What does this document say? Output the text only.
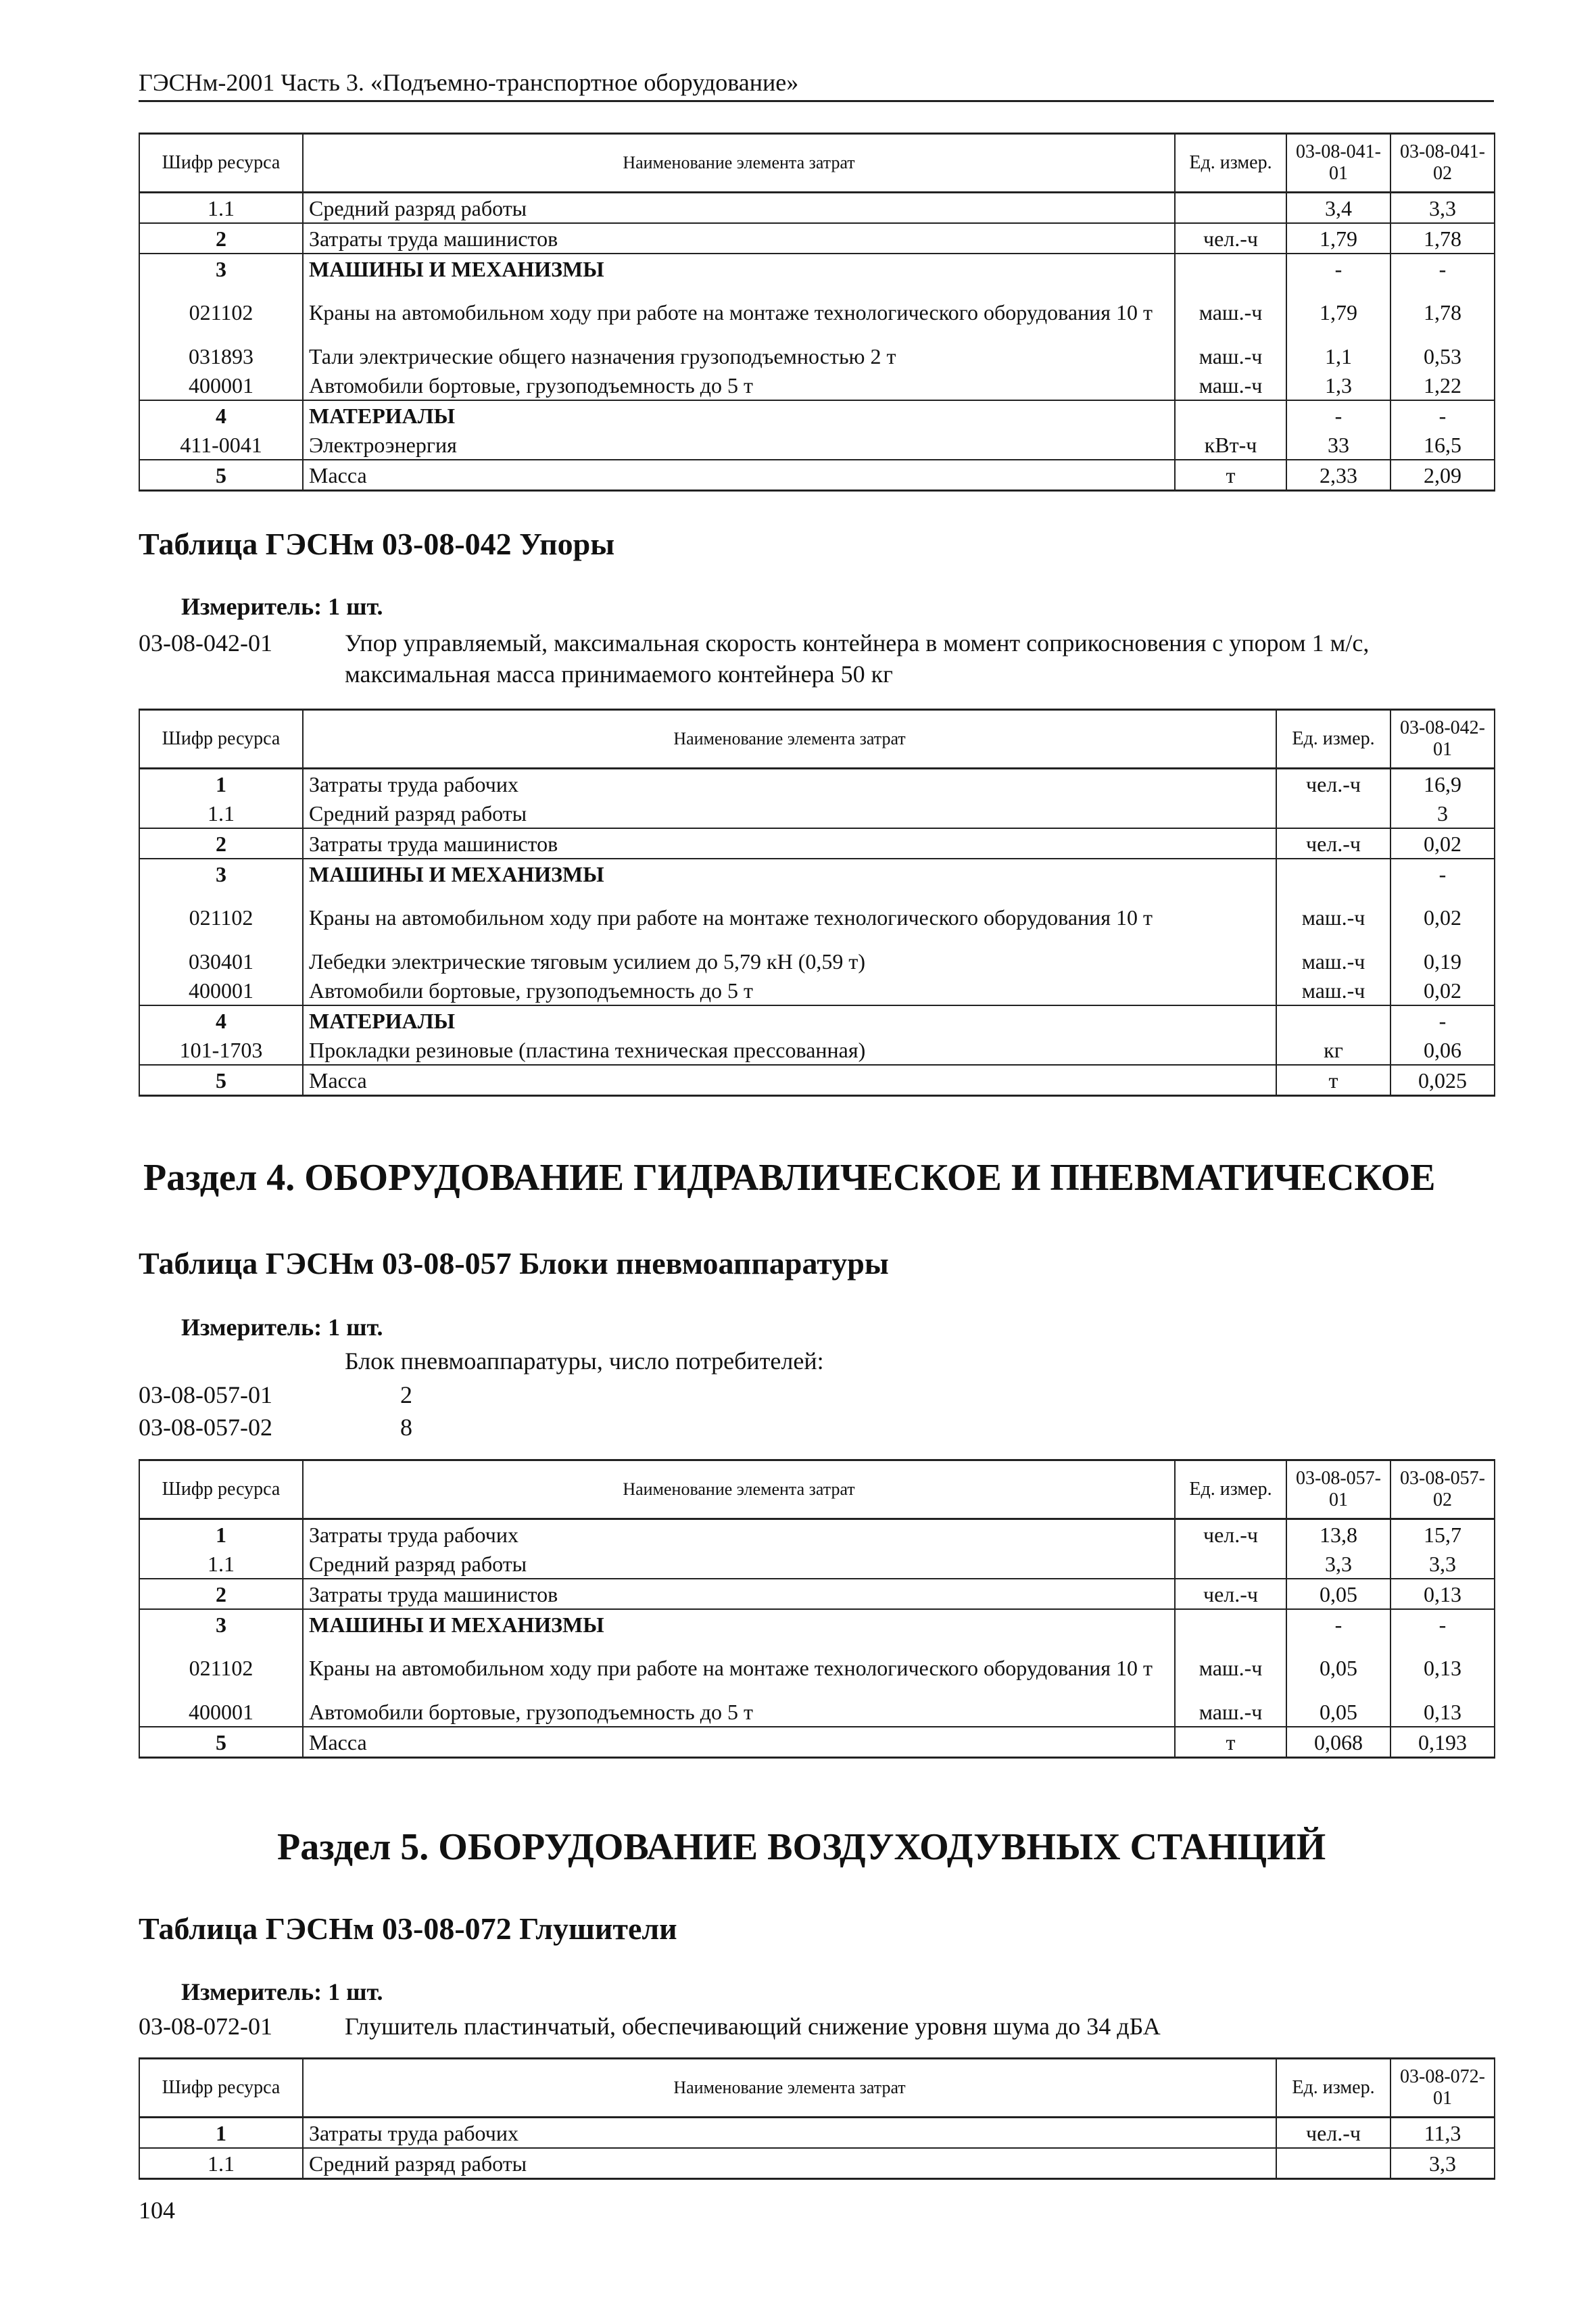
ГЭСНм-2001 Часть 3. «Подъемно-транспортное оборудование»
Шифр ресурса	Наименование элемента затрат	Ед. измер.	03-08-041-01	03-08-041-02
1.1	Средний разряд работы		3,4	3,3
2	Затраты труда машинистов	чел.-ч	1,79	1,78
3	МАШИНЫ И МЕХАНИЗМЫ		-	-
021102	Краны на автомобильном ходу при работе на монтаже технологического оборудования 10 т	маш.-ч	1,79	1,78
031893	Тали электрические общего назначения грузоподъемностью 2 т	маш.-ч	1,1	0,53
400001	Автомобили бортовые, грузоподъемность до 5 т	маш.-ч	1,3	1,22
4	МАТЕРИАЛЫ		-	-
411-0041	Электроэнергия	кВт-ч	33	16,5
5	Масса	т	2,33	2,09
Таблица ГЭСНм 03-08-042 Упоры
Измеритель: 1 шт.
03-08-042-01	Упор управляемый, максимальная скорость контейнера в момент соприкосновения с упором 1 м/с, максимальная масса принимаемого контейнера 50 кг
Шифр ресурса	Наименование элемента затрат	Ед. измер.	03-08-042-01
1	Затраты труда рабочих	чел.-ч	16,9
1.1	Средний разряд работы		3
2	Затраты труда машинистов	чел.-ч	0,02
3	МАШИНЫ И МЕХАНИЗМЫ		-
021102	Краны на автомобильном ходу при работе на монтаже технологического оборудования 10 т	маш.-ч	0,02
030401	Лебедки электрические тяговым усилием до 5,79 кН (0,59 т)	маш.-ч	0,19
400001	Автомобили бортовые, грузоподъемность до 5 т	маш.-ч	0,02
4	МАТЕРИАЛЫ		-
101-1703	Прокладки резиновые (пластина техническая прессованная)	кг	0,06
5	Масса	т	0,025
Раздел 4. ОБОРУДОВАНИЕ ГИДРАВЛИЧЕСКОЕ И ПНЕВМАТИЧЕСКОЕ
Таблица ГЭСНм 03-08-057 Блоки пневмоаппаратуры
Измеритель: 1 шт.
Блок пневмоаппаратуры, число потребителей:
03-08-057-01	2
03-08-057-02	8
Шифр ресурса	Наименование элемента затрат	Ед. измер.	03-08-057-01	03-08-057-02
1	Затраты труда рабочих	чел.-ч	13,8	15,7
1.1	Средний разряд работы		3,3	3,3
2	Затраты труда машинистов	чел.-ч	0,05	0,13
3	МАШИНЫ И МЕХАНИЗМЫ		-	-
021102	Краны на автомобильном ходу при работе на монтаже технологического оборудования 10 т	маш.-ч	0,05	0,13
400001	Автомобили бортовые, грузоподъемность до 5 т	маш.-ч	0,05	0,13
5	Масса	т	0,068	0,193
Раздел 5. ОБОРУДОВАНИЕ ВОЗДУХОДУВНЫХ СТАНЦИЙ
Таблица ГЭСНм 03-08-072 Глушители
Измеритель: 1 шт.
03-08-072-01	Глушитель пластинчатый, обеспечивающий снижение уровня шума до 34 дБА
Шифр ресурса	Наименование элемента затрат	Ед. измер.	03-08-072-01
1	Затраты труда рабочих	чел.-ч	11,3
1.1	Средний разряд работы		3,3
104
